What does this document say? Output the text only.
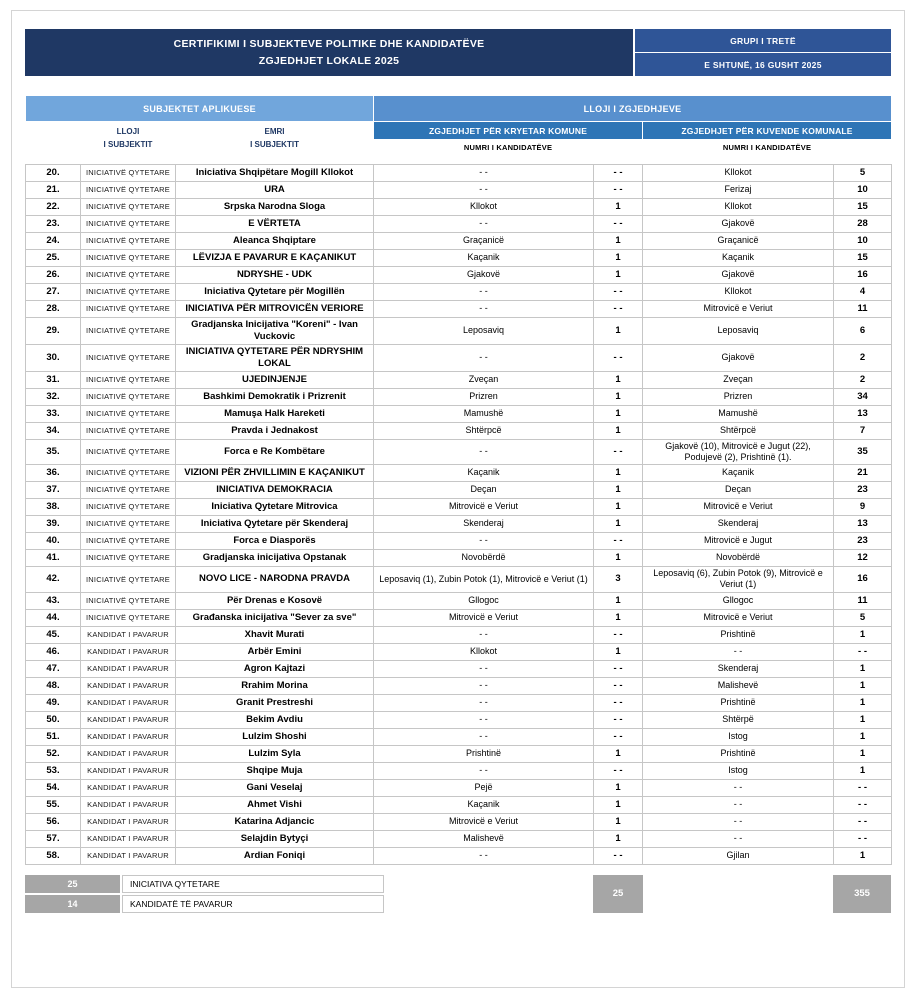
CERTIFIKIMI I SUBJEKTEVE POLITIKE DHE KANDIDATËVE
ZGJEDHJET LOKALE 2025
GRUPI I TRETË
E SHTUNË, 16 GUSHT 2025
SUBJEKTET APLIKUESE			LLOJI I ZGJEDHJEVE	
	LLOJI
I SUBJEKTIT	EMRI
I SUBJEKTIT	ZGJEDHJET PËR KRYETAR KOMUNE	ZGJEDHJET PËR KUVENDE KOMUNALE
			NUMRI I KANDIDATËVE	NUMRI I KANDIDATËVE
20.	INICIATIVË QYTETARE	Iniciativa Shqipëtare Mogill Kllokot	- -	- -	Kllokot	5
21.	INICIATIVË QYTETARE	URA	- -	- -	Ferizaj	10
22.	INICIATIVË QYTETARE	Srpska Narodna Sloga	Kllokot	1	Kllokot	15
23.	INICIATIVË QYTETARE	E VËRTETA	- -	- -	Gjakovë	28
24.	INICIATIVË QYTETARE	Aleanca Shqiptare	Graçanicë	1	Graçanicë	10
25.	INICIATIVË QYTETARE	LËVIZJA E PAVARUR E KAÇANIKUT	Kaçanik	1	Kaçanik	15
26.	INICIATIVË QYTETARE	NDRYSHE - UDK	Gjakovë	1	Gjakovë	16
27.	INICIATIVË QYTETARE	Iniciativa Qytetare për Mogillën	- -	- -	Kllokot	4
28.	INICIATIVË QYTETARE	INICIATIVA PËR MITROVICËN VERIORE	- -	- -	Mitrovicë e Veriut	11
29.	INICIATIVË QYTETARE	Gradjanska Inicijativa "Koreni" - Ivan Vuckovic	Leposaviq	1	Leposaviq	6
30.	INICIATIVË QYTETARE	INICIATIVA QYTETARE PËR NDRYSHIM LOKAL	- -	- -	Gjakovë	2
31.	INICIATIVË QYTETARE	UJEDINJENJE	Zveçan	1	Zveçan	2
32.	INICIATIVË QYTETARE	Bashkimi Demokratik i Prizrenit	Prizren	1	Prizren	34
33.	INICIATIVË QYTETARE	Mamuşa Halk Hareketi	Mamushë	1	Mamushë	13
34.	INICIATIVË QYTETARE	Pravda i Jednakost	Shtërpcë	1	Shtërpcë	7
35.	INICIATIVË QYTETARE	Forca e Re Kombëtare	- -	- -	Gjakovë (10), Mitrovicë e Jugut (22), Podujevë (2), Prishtinë (1).	35
36.	INICIATIVË QYTETARE	VIZIONI PËR ZHVILLIMIN E KAÇANIKUT	Kaçanik	1	Kaçanik	21
37.	INICIATIVË QYTETARE	INICIATIVA DEMOKRACIA	Deçan	1	Deçan	23
38.	INICIATIVË QYTETARE	Iniciativa Qytetare Mitrovica	Mitrovicë e Veriut	1	Mitrovicë e Veriut	9
39.	INICIATIVË QYTETARE	Iniciativa Qytetare për Skenderaj	Skenderaj	1	Skenderaj	13
40.	INICIATIVË QYTETARE	Forca e Diasporës	- -	- -	Mitrovicë e Jugut	23
41.	INICIATIVË QYTETARE	Gradjanska inicijativa Opstanak	Novobërdë	1	Novobërdë	12
42.	INICIATIVË QYTETARE	NOVO LICE - NARODNA PRAVDA	Leposaviq (1), Zubin Potok (1), Mitrovicë e Veriut (1)	3	Leposaviq (6), Zubin Potok (9), Mitrovicë e Veriut (1)	16
43.	INICIATIVË QYTETARE	Për Drenas e Kosovë	Gllogoc	1	Gllogoc	11
44.	INICIATIVË QYTETARE	Građanska inicijativa "Sever za sve"	Mitrovicë e Veriut	1	Mitrovicë e Veriut	5
45.	KANDIDAT I PAVARUR	Xhavit Murati	- -	- -	Prishtinë	1
46.	KANDIDAT I PAVARUR	Arbër Emini	Kllokot	1	- -	- -
47.	KANDIDAT I PAVARUR	Agron Kajtazi	- -	- -	Skenderaj	1
48.	KANDIDAT I PAVARUR	Rrahim Morina	- -	- -	Malishevë	1
49.	KANDIDAT I PAVARUR	Granit Prestreshi	- -	- -	Prishtinë	1
50.	KANDIDAT I PAVARUR	Bekim Avdiu	- -	- -	Shtërpë	1
51.	KANDIDAT I PAVARUR	Lulzim Shoshi	- -	- -	Istog	1
52.	KANDIDAT I PAVARUR	Lulzim Syla	Prishtinë	1	Prishtinë	1
53.	KANDIDAT I PAVARUR	Shqipe Muja	- -	- -	Istog	1
54.	KANDIDAT I PAVARUR	Gani Veselaj	Pejë	1	- -	- -
55.	KANDIDAT I PAVARUR	Ahmet Vishi	Kaçanik	1	- -	- -
56.	KANDIDAT I PAVARUR	Katarina Adjancic	Mitrovicë e Veriut	1	- -	- -
57.	KANDIDAT I PAVARUR	Selajdin Bytyçi	Malishevë	1	- -	- -
58.	KANDIDAT I PAVARUR	Ardian Foniqi	- -	- -	Gjilan	1
25	INICIATIVA QYTETARE
14	KANDIDATË TË PAVARUR
25	355
